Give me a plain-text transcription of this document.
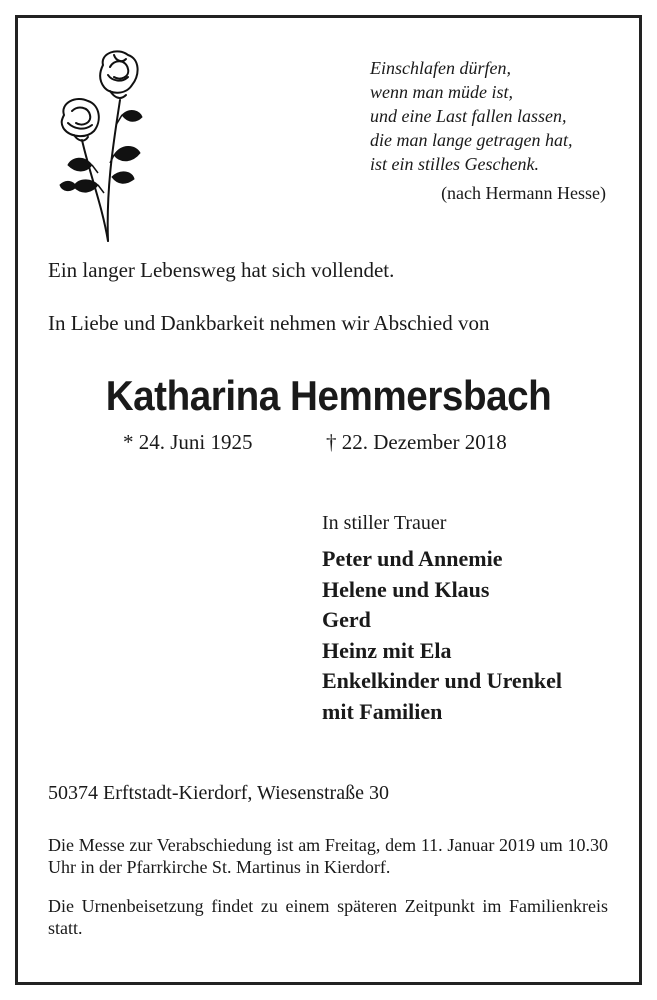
Einschlafen dürfen,
wenn man müde ist,
und eine Last fallen lassen,
die man lange getragen hat,
ist ein stilles Geschenk.
(nach Hermann Hesse)
Ein langer Lebensweg hat sich vollendet.
In Liebe und Dankbarkeit nehmen wir Abschied von
Katharina Hemmersbach
* 24. Juni 1925	† 22. Dezember 2018
In stiller Trauer
Peter und Annemie
Helene und Klaus
Gerd
Heinz mit Ela
Enkelkinder und Urenkel
mit Familien
50374 Erftstadt-Kierdorf, Wiesenstraße 30
Die Messe zur Verabschiedung ist am Freitag, dem 11. Januar 2019 um 10.30 Uhr in der Pfarrkirche St. Martinus in Kierdorf.
Die Urnenbeisetzung findet zu einem späteren Zeitpunkt im Familienkreis statt.
